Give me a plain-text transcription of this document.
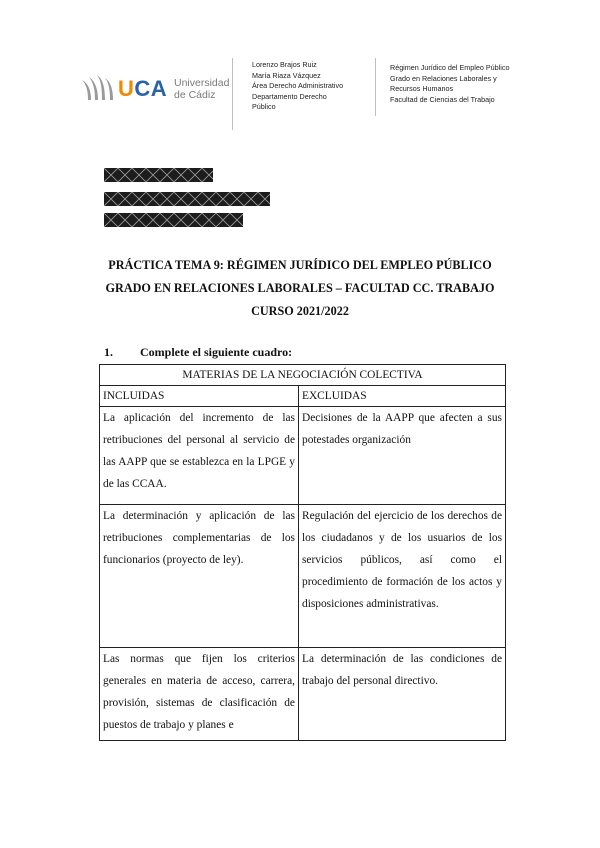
UCA Universidad
de Cádiz
Lorenzo Brajos Ruiz
María Riaza Vázquez
Área Derecho Administrativo
Departamento Derecho
Público
Régimen Jurídico del Empleo Público
Grado en Relaciones Laborales y
Recursos Humanos
Facultad de Ciencias del Trabajo
PRÁCTICA TEMA 9: RÉGIMEN JURÍDICO DEL EMPLEO PÚBLICO
GRADO EN RELACIONES LABORALES – FACULTAD CC. TRABAJO
CURSO 2021/2022
1. Complete el siguiente cuadro:
MATERIAS DE LA NEGOCIACIÓN COLECTIVA	
INCLUIDAS	EXCLUIDAS
La aplicación del incremento de las retribuciones del personal al servicio de las AAPP que se establezca en la LPGE y de las CCAA.	Decisiones de la AAPP que afecten a sus potestades organización
La determinación y aplicación de las retribuciones complementarias de los funcionarios (proyecto de ley).	Regulación del ejercicio de los derechos de los ciudadanos y de los usuarios de los servicios públicos, así como el procedimiento de formación de los actos y disposiciones administrativas.
Las normas que fijen los criterios generales en materia de acceso, carrera, provisión, sistemas de clasificación de puestos de trabajo y planes e	La determinación de las condiciones de trabajo del personal directivo.
